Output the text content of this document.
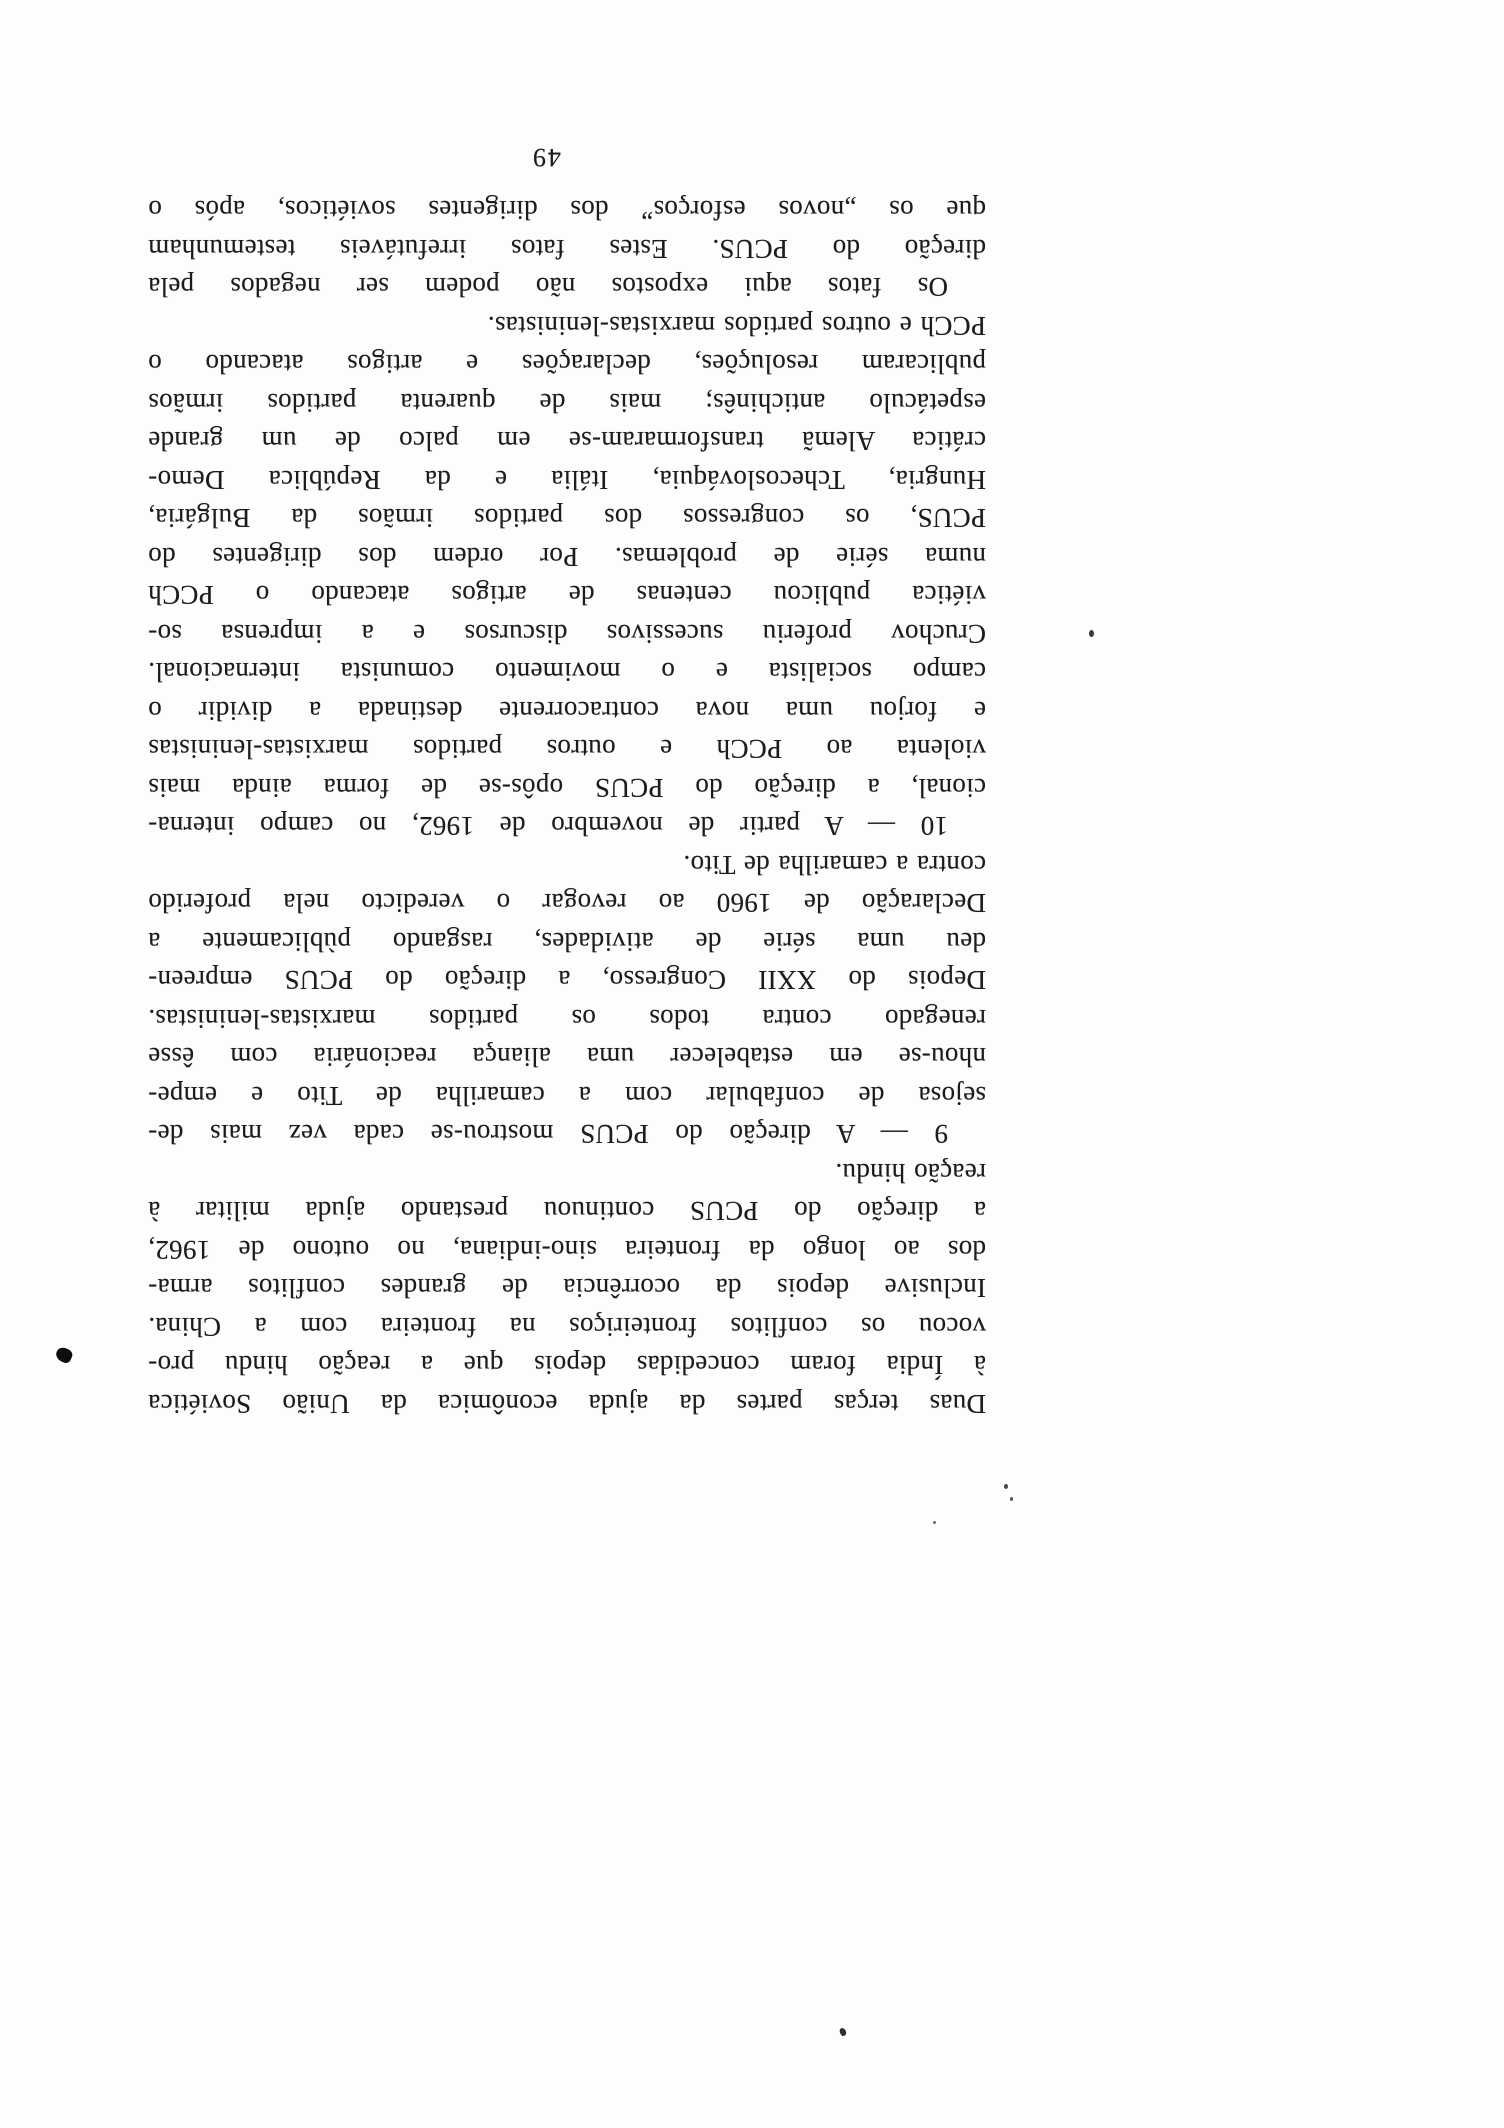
Duas terças partes da ajuda econômica da União Soviética
à Índia foram concedidas depois que a reação hindu pro-
vocou os conflitos fronteiriços na fronteira com a China.
Inclusive depois da ocorrência de grandes conflitos arma-
dos ao longo da fronteira sino-indiana, no outono de 1962,
a direção do PCUS continuou prestando ajuda militar à
reação hindu.
9 — A direção do PCUS mostrou-se cada vez mais de-
sejosa de confabular com a camarilha de Tito e empe-
nhou-se em estabelecer uma aliança reacionária com êsse
renegado contra todos os partidos marxistas-leninistas.
Depois do XXII Congresso, a direção do PCUS empreen-
deu uma série de atividades, rasgando pùblicamente a
Declaração de 1960 ao revogar o veredicto nela proferido
contra a camarilha de Tito.
10 — A partir de novembro de 1962, no campo interna-
cional, a direção do PCUS opôs-se de forma ainda mais
violenta ao PCCh e outros partidos marxistas-leninistas
e forjou uma nova contracorrente destinada a dividir o
campo socialista e o movimento comunista internacional.
Cruchov proferiu sucessivos discursos e a imprensa so-
viética publicou centenas de artigos atacando o PCCh
numa série de problemas. Por ordem dos dirigentes do
PCUS, os congressos dos partidos irmãos da Bulgária,
Hungria, Tchecoslováquia, Itália e da República Demo-
crática Alemã transformaram-se em palco de um grande
espetáculo antichinês; mais de quarenta partidos irmãos
publicaram resoluções, declarações e artigos atacando o
PCCh e outros partidos marxistas-leninistas.
Os fatos aqui expostos não podem ser negados pela
direção do PCUS. Estes fatos irrefutáveis testemunham
que os „novos esforços” dos dirigentes soviéticos, após o
49
